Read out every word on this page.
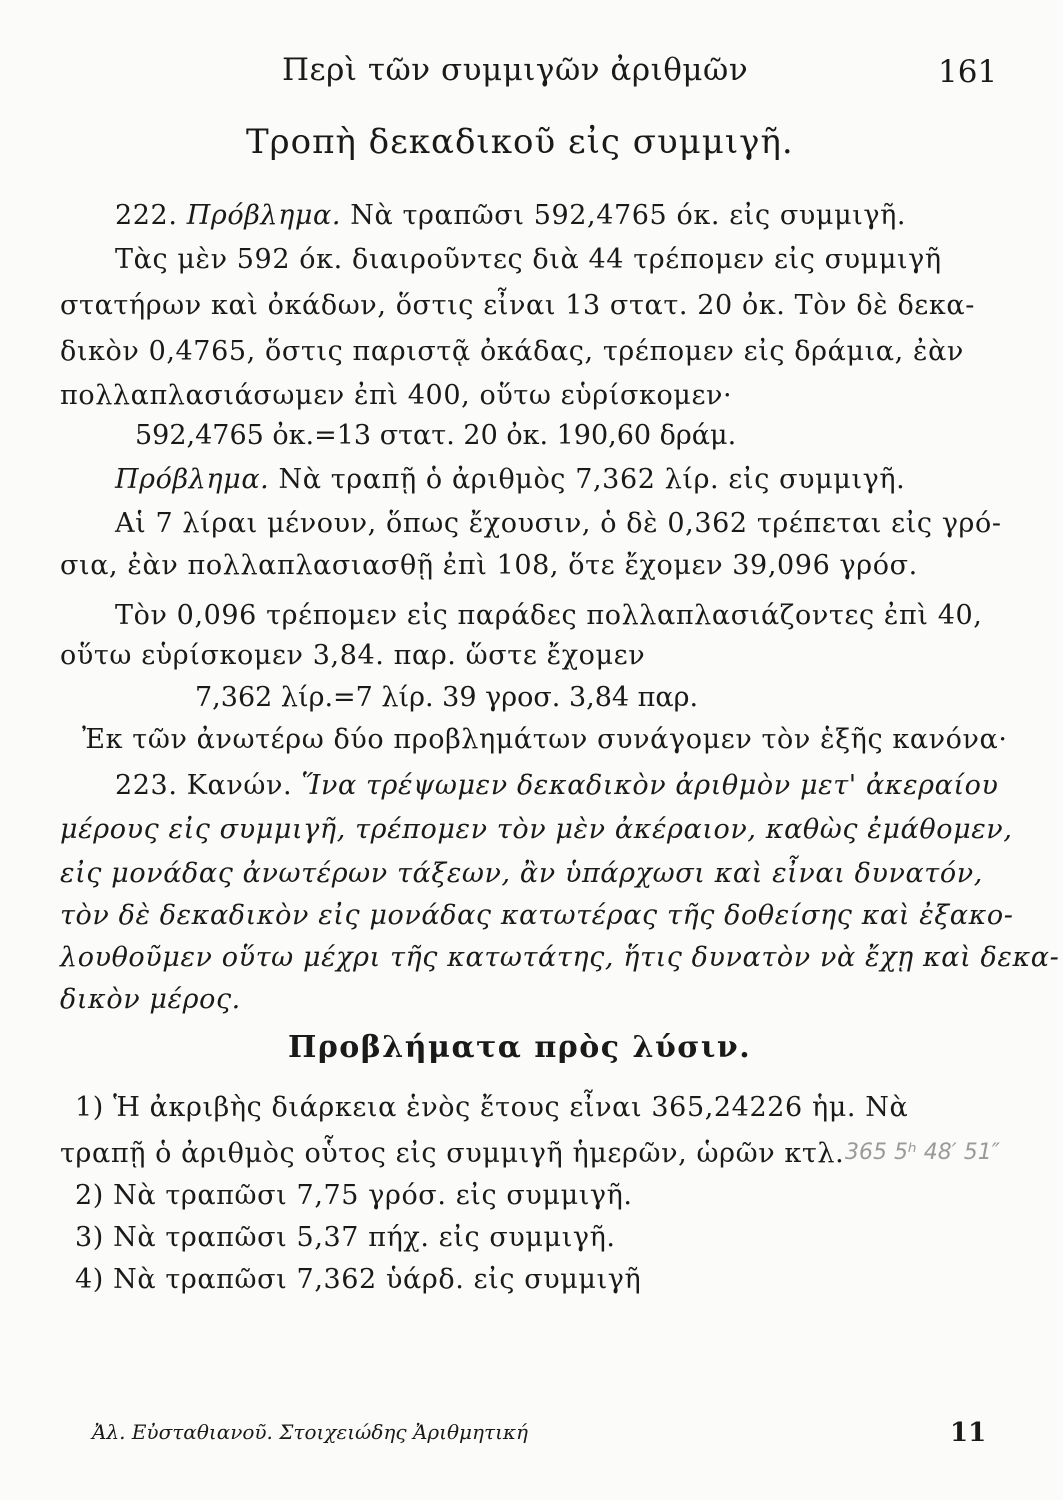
Περὶ τῶν συμμιγῶν ἀριθμῶν	161
Τροπὴ δεκαδικοῦ εἰς συμμιγῆ.
222. Πρόβλημα. Νὰ τραπῶσι 592,4765 όκ. εἰς συμμιγῆ.
Τὰς μὲν 592 όκ. διαιροῦντες διὰ 44 τρέπομεν εἰς συμμιγῆ
στατήρων καὶ ὀκάδων, ὅστις εἶναι 13 στατ. 20 ὀκ. Τὸν δὲ δεκα-
δικὸν 0,4765, ὅστις παριστᾷ ὀκάδας, τρέπομεν εἰς δράμια, ἐὰν
πολλαπλασιάσωμεν ἐπὶ 400, οὕτω εὑρίσκομεν·
592,4765 ὀκ.=13 στατ. 20 ὀκ. 190,60 δράμ.
Πρόβλημα. Νὰ τραπῇ ὁ ἀριθμὸς 7,362 λίρ. εἰς συμμιγῆ.
Αἱ 7 λίραι μένουν, ὅπως ἔχουσιν, ὁ δὲ 0,362 τρέπεται εἰς γρό-
σια, ἐὰν πολλαπλασιασθῇ ἐπὶ 108, ὅτε ἔχομεν 39,096 γρόσ.
Τὸν 0,096 τρέπομεν εἰς παράδες πολλαπλασιάζοντες ἐπὶ 40,
οὕτω εὑρίσκομεν 3,84. παρ. ὥστε ἔχομεν
7,362 λίρ.=7 λίρ. 39 γροσ. 3,84 παρ.
Ἐκ τῶν ἀνωτέρω δύο προβλημάτων συνάγομεν τὸν ἑξῆς κανόνα·
223. Κανών. Ἵνα τρέψωμεν δεκαδικὸν ἀριθμὸν μετ' ἀκεραίου
μέρους εἰς συμμιγῆ, τρέπομεν τὸν μὲν ἀκέραιον, καθὼς ἐμάθομεν,
εἰς μονάδας ἀνωτέρων τάξεων, ἂν ὑπάρχωσι καὶ εἶναι δυνατόν,
τὸν δὲ δεκαδικὸν εἰς μονάδας κατωτέρας τῆς δοθείσης καὶ ἐξακο-
λουθοῦμεν οὕτω μέχρι τῆς κατωτάτης, ἥτις δυνατὸν νὰ ἔχῃ καὶ δεκα-
δικὸν μέρος.
Προβλήματα πρὸς λύσιν.
1) Ἡ ἀκριβὴς διάρκεια ἑνὸς ἔτους εἶναι 365,24226 ἡμ. Νὰ
τραπῇ ὁ ἀριθμὸς οὗτος εἰς συμμιγῆ ἡμερῶν, ὡρῶν κτλ. 365 5ʰ 48′ 51″
2) Νὰ τραπῶσι 7,75 γρόσ. εἰς συμμιγῆ.
3) Νὰ τραπῶσι 5,37 πήχ. εἰς συμμιγῆ.
4) Νὰ τραπῶσι 7,362 ὑάρδ. εἰς συμμιγῆ
Ἀλ. Εὐσταθιανοῦ. Στοιχειώδης Ἀριθμητική	11
